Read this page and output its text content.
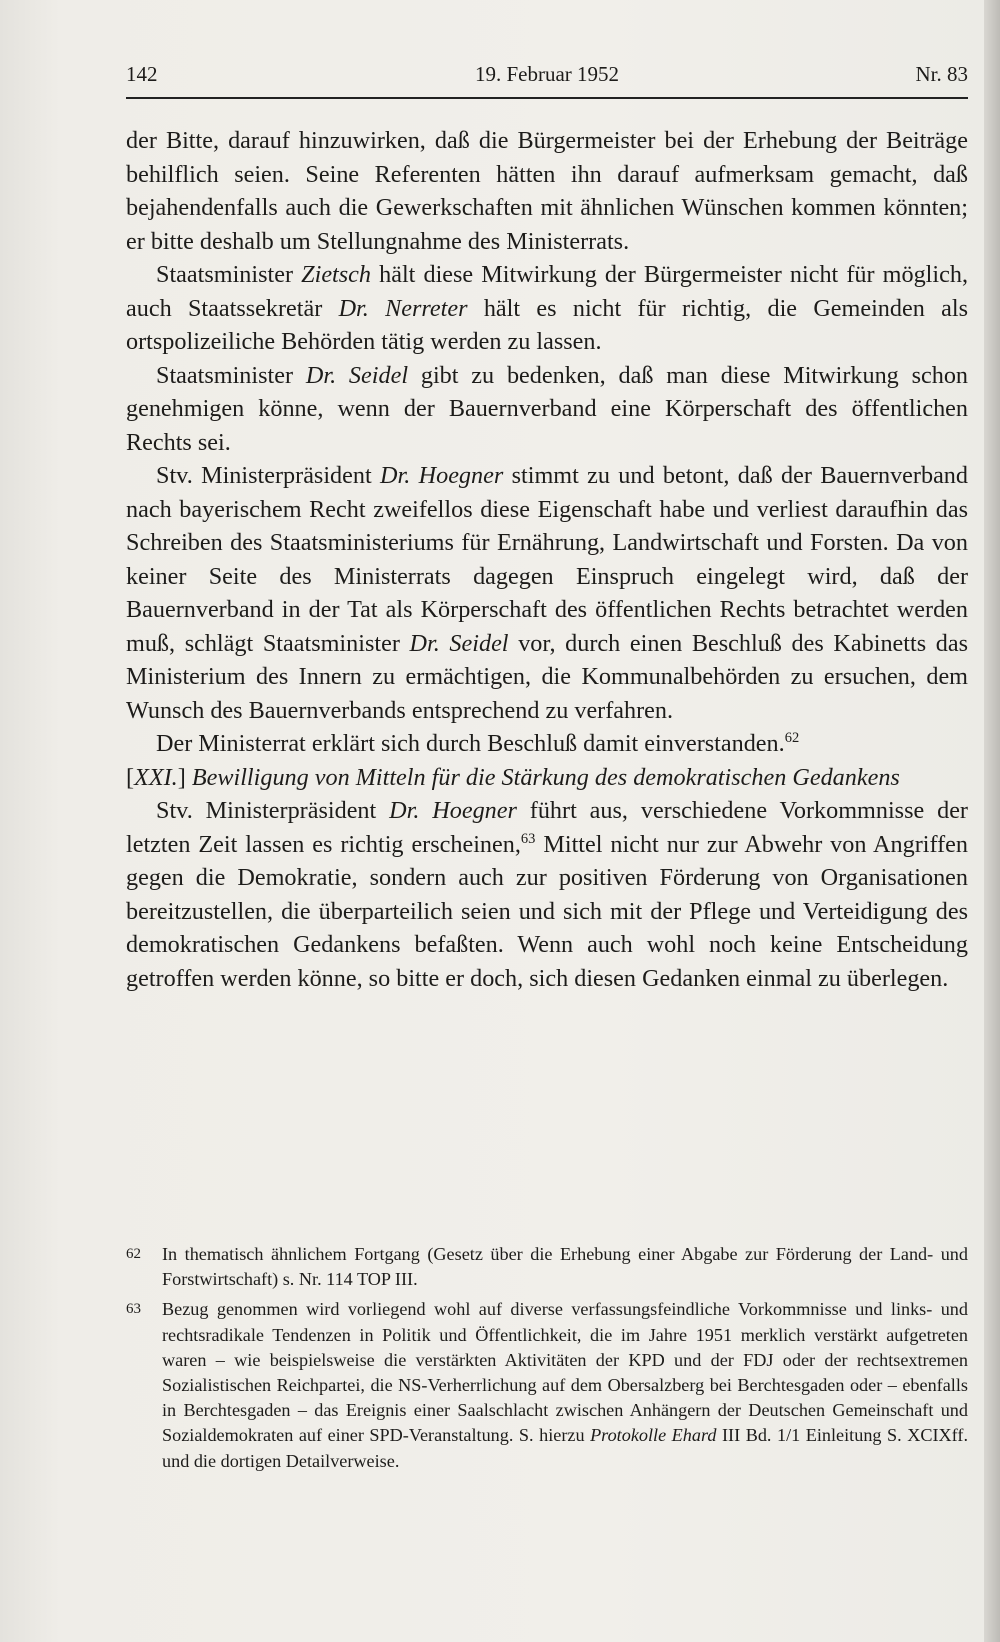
142	19. Februar 1952	Nr. 83

der Bitte, darauf hinzuwirken, daß die Bürgermeister bei der Erhebung der Beiträge behilflich seien. Seine Referenten hätten ihn darauf aufmerksam gemacht, daß bejahendenfalls auch die Gewerkschaften mit ähnlichen Wünschen kommen könnten; er bitte deshalb um Stellungnahme des Ministerrats.

Staatsminister Zietsch hält diese Mitwirkung der Bürgermeister nicht für möglich, auch Staatssekretär Dr. Nerreter hält es nicht für richtig, die Gemeinden als ortspolizeiliche Behörden tätig werden zu lassen.

Staatsminister Dr. Seidel gibt zu bedenken, daß man diese Mitwirkung schon genehmigen könne, wenn der Bauernverband eine Körperschaft des öffentlichen Rechts sei.

Stv. Ministerpräsident Dr. Hoegner stimmt zu und betont, daß der Bauernverband nach bayerischem Recht zweifellos diese Eigenschaft habe und verliest daraufhin das Schreiben des Staatsministeriums für Ernährung, Landwirtschaft und Forsten. Da von keiner Seite des Ministerrats dagegen Einspruch eingelegt wird, daß der Bauernverband in der Tat als Körperschaft des öffentlichen Rechts betrachtet werden muß, schlägt Staatsminister Dr. Seidel vor, durch einen Beschluß des Kabinetts das Ministerium des Innern zu ermächtigen, die Kommunalbehörden zu ersuchen, dem Wunsch des Bauernverbands entsprechend zu verfahren.

Der Ministerrat erklärt sich durch Beschluß damit einverstanden.$^{62}$

[XXI.] Bewilligung von Mitteln für die Stärkung des demokratischen Gedankens

Stv. Ministerpräsident Dr. Hoegner führt aus, verschiedene Vorkommnisse der letzten Zeit lassen es richtig erscheinen,$^{63}$ Mittel nicht nur zur Abwehr von Angriffen gegen die Demokratie, sondern auch zur positiven Förderung von Organisationen bereitzustellen, die überparteilich seien und sich mit der Pflege und Verteidigung des demokratischen Gedankens befaßten. Wenn auch wohl noch keine Entscheidung getroffen werden könne, so bitte er doch, sich diesen Gedanken einmal zu überlegen.

62	In thematisch ähnlichem Fortgang (Gesetz über die Erhebung einer Abgabe zur Förderung der Land- und Forstwirtschaft) s. Nr. 114 TOP III.
63	Bezug genommen wird vorliegend wohl auf diverse verfassungsfeindliche Vorkommnisse und links- und rechtsradikale Tendenzen in Politik und Öffentlichkeit, die im Jahre 1951 merklich verstärkt aufgetreten waren – wie beispielsweise die verstärkten Aktivitäten der KPD und der FDJ oder der rechtsextremen Sozialistischen Reichpartei, die NS-Verherrlichung auf dem Obersalzberg bei Berchtesgaden oder – ebenfalls in Berchtesgaden – das Ereignis einer Saalschlacht zwischen Anhängern der Deutschen Gemeinschaft und Sozialdemokraten auf einer SPD-Veranstaltung. S. hierzu Protokolle Ehard III Bd. 1/1 Einleitung S. XCIXff. und die dortigen Detailverweise.
